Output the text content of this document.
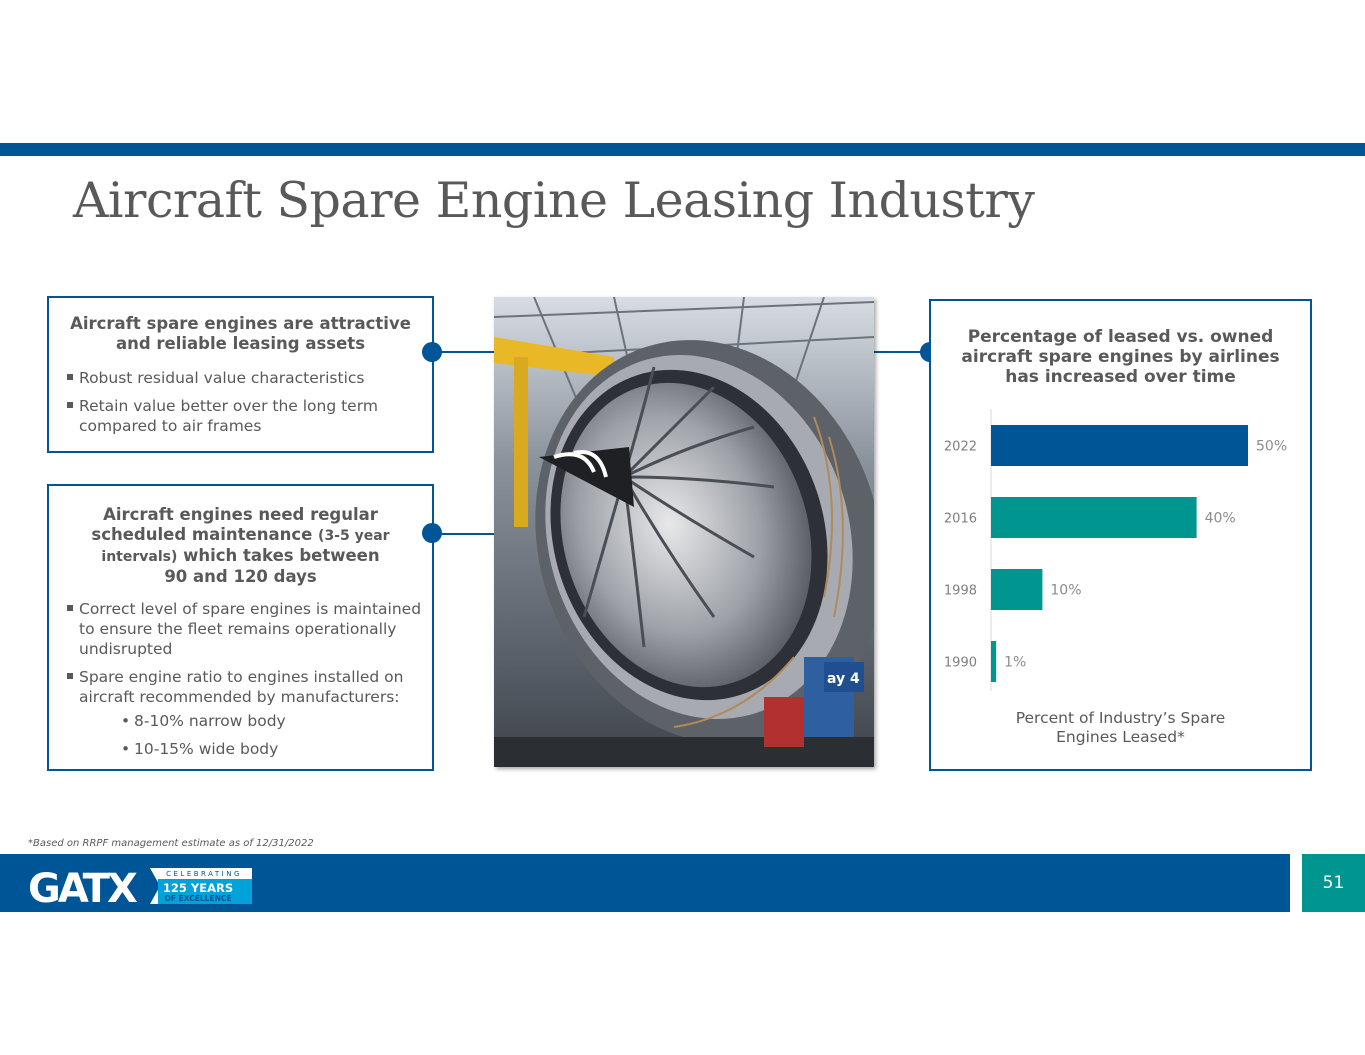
Aircraft Spare Engine Leasing Industry
Aircraft spare engines are attractive and reliable leasing assets
Robust residual value characteristics
Retain value better over the long term compared to air frames
Aircraft engines need regular
scheduled maintenance (3-5 year
intervals) which takes between
90 and 120 days
Correct level of spare engines is maintained to ensure the fleet remains operationally undisrupted
Spare engine ratio to engines installed on aircraft recommended by manufacturers:
• 8-10% narrow body
• 10-15% wide body
ay 4
Percentage of leased vs. owned aircraft spare engines by airlines has increased over time
2022	50%
2016	40%
1998	10%
1990 1%
Percent of Industry’s Spare Engines Leased*
*Based on RRPF management estimate as of 12/31/2022
GATX	CELEBRATING
125 YEARS
OF EXCELLENCE
51
